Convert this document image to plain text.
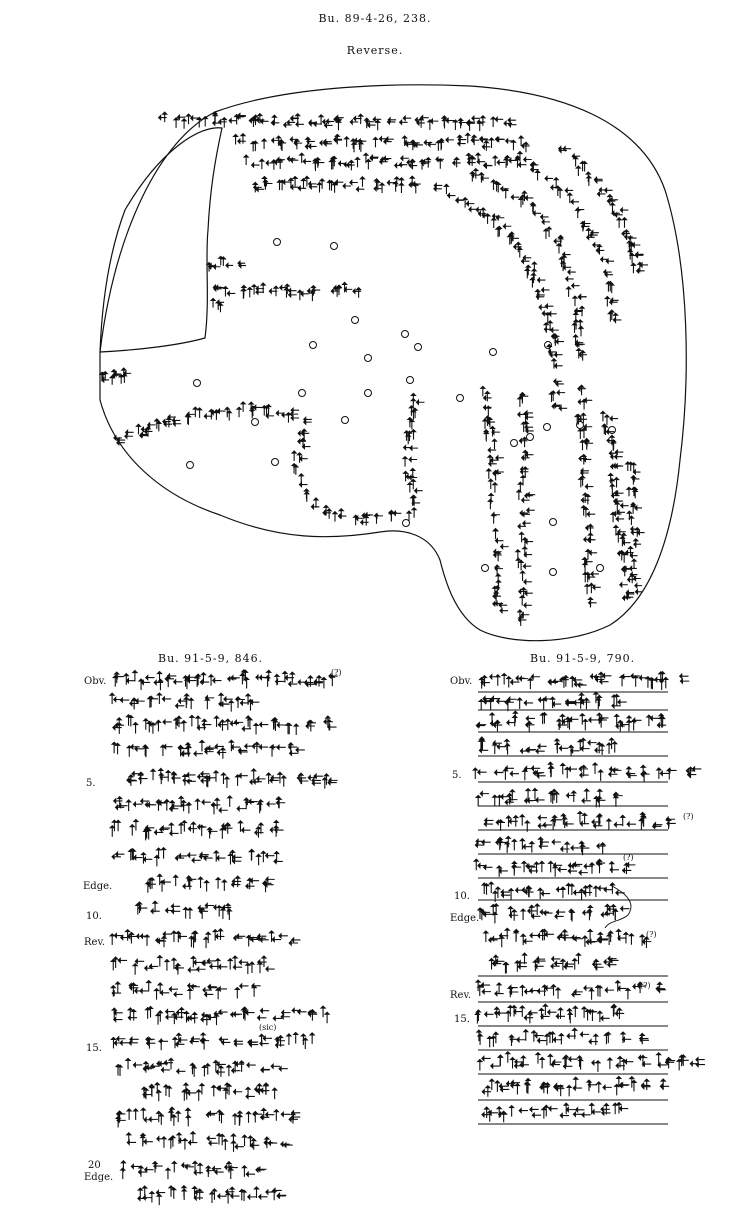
Bu. 89-4-26, 238.
Reverse.
Bu. 91-5-9, 846.
Obv.
5.
Edge.
10.
Rev.
15.
20
Edge.
(sic)
(?)
Bu. 91-5-9, 790.
Obv.
5.
10.
Edge.
Rev.
15.
(?)
(?)
(?)
(?)
